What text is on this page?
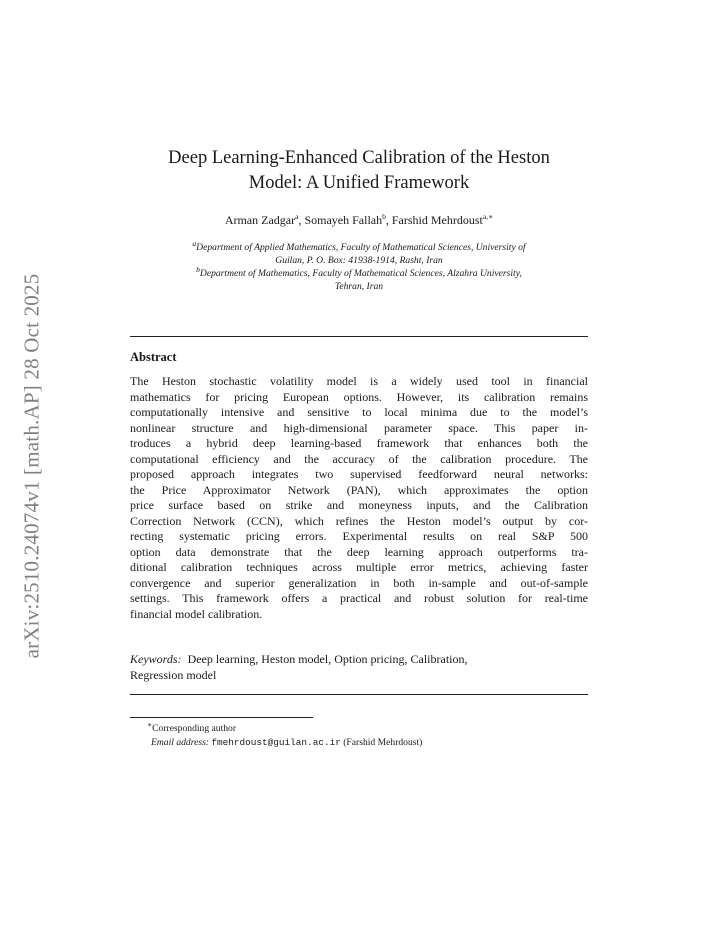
arXiv:2510.24074v1 [math.AP] 28 Oct 2025
Deep Learning-Enhanced Calibration of the Heston
Model: A Unified Framework
Arman Zadgar$^a$, Somayeh Fallah$^b$, Farshid Mehrdoust$^{a,∗}$

$^a$Department of Applied Mathematics, Faculty of Mathematical Sciences, University of
Guilan, P. O. Box: 41938-1914, Rasht, Iran

$^b$Department of Mathematics, Faculty of Mathematical Sciences, Alzahra University,
Tehran, Iran

Abstract
The Heston stochastic volatility model is a widely used tool in financial
mathematics for pricing European options. However, its calibration remains
computationally intensive and sensitive to local minima due to the model’s
nonlinear structure and high-dimensional parameter space. This paper in-
troduces a hybrid deep learning-based framework that enhances both the
computational efficiency and the accuracy of the calibration procedure. The
proposed approach integrates two supervised feedforward neural networks:
the Price Approximator Network (PAN), which approximates the option
price surface based on strike and moneyness inputs, and the Calibration
Correction Network (CCN), which refines the Heston model’s output by cor-
recting systematic pricing errors. Experimental results on real S&P 500
option data demonstrate that the deep learning approach outperforms tra-
ditional calibration techniques across multiple error metrics, achieving faster
convergence and superior generalization in both in-sample and out-of-sample
settings. This framework offers a practical and robust solution for real-time
financial model calibration.
Keywords: Deep learning, Heston model, Option pricing, Calibration,
Regression model
∗Corresponding author
Email address: fmehrdoust@guilan.ac.ir (Farshid Mehrdoust)
